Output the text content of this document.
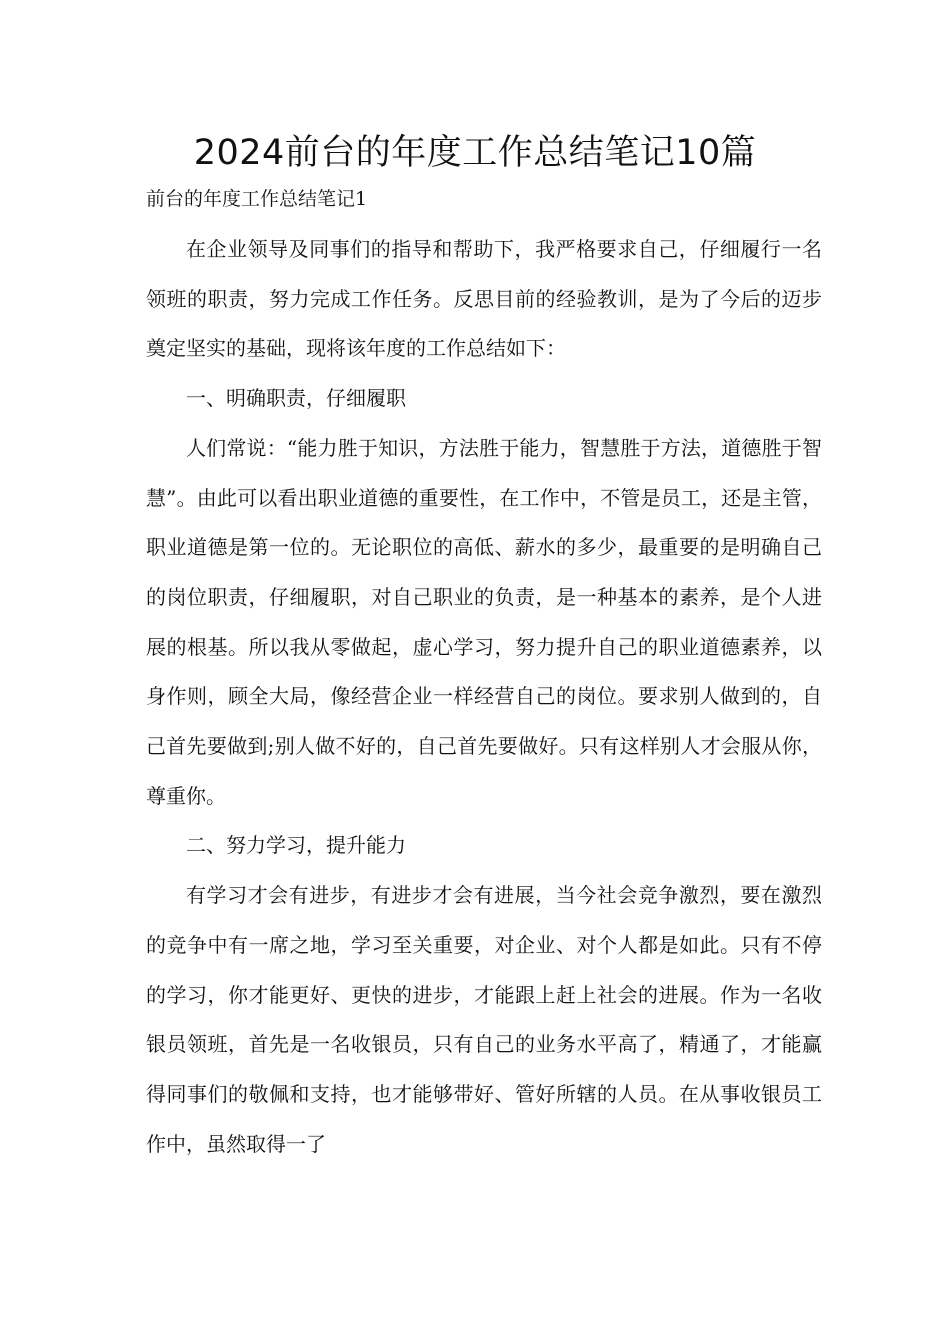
2024前台的年度工作总结笔记10篇

前台的年度工作总结笔记1

在企业领导及同事们的指导和帮助下，我严格要求自己，仔细履行一名领班的职责，努力完成工作任务。反思目前的经验教训，是为了今后的迈步奠定坚实的基础，现将该年度的工作总结如下：

一、明确职责，仔细履职

人们常说：“能力胜于知识，方法胜于能力，智慧胜于方法，道德胜于智慧”。由此可以看出职业道德的重要性，在工作中，不管是员工，还是主管，职业道德是第一位的。无论职位的高低、薪水的多少，最重要的是明确自己的岗位职责，仔细履职，对自己职业的负责，是一种基本的素养，是个人进展的根基。所以我从零做起，虚心学习，努力提升自己的职业道德素养，以身作则，顾全大局，像经营企业一样经营自己的岗位。要求别人做到的，自己首先要做到;别人做不好的，自己首先要做好。只有这样别人才会服从你，尊重你。

二、努力学习，提升能力

有学习才会有进步，有进步才会有进展，当今社会竞争激烈，要在激烈的竞争中有一席之地，学习至关重要，对企业、对个人都是如此。只有不停的学习，你才能更好、更快的进步，才能跟上赶上社会的进展。作为一名收银员领班，首先是一名收银员，只有自己的业务水平高了，精通了，才能赢得同事们的敬佩和支持，也才能够带好、管好所辖的人员。在从事收银员工作中，虽然取得一了
